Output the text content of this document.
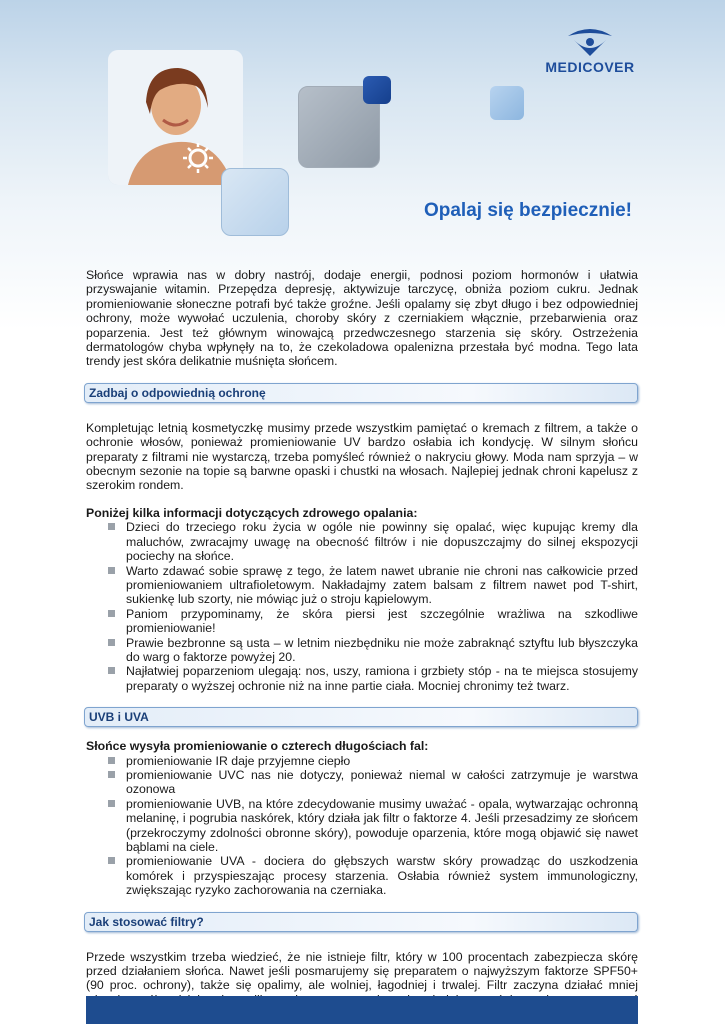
MEDICOVER
Opalaj się bezpiecznie!

Słońce wprawia nas w dobry nastrój, dodaje energii, podnosi poziom hormonów i ułatwia przyswajanie witamin. Przepędza depresję, aktywizuje tarczycę, obniża poziom cukru. Jednak promieniowanie słoneczne potrafi być także groźne. Jeśli opalamy się zbyt długo i bez odpowiedniej ochrony, może wywołać uczulenia, choroby skóry z czerniakiem włącznie, przebarwienia oraz poparzenia. Jest też głównym winowajcą przedwczesnego starzenia się skóry. Ostrzeżenia dermatologów chyba wpłynęły na to, że czekoladowa opalenizna przestała być modna. Tego lata trendy jest skóra delikatnie muśnięta słońcem.

Zadbaj o odpowiednią ochronę

Kompletując letnią kosmetyczkę musimy przede wszystkim pamiętać o kremach z filtrem, a także o ochronie włosów, ponieważ promieniowanie UV bardzo osłabia ich kondycję. W silnym słońcu preparaty z filtrami nie wystarczą, trzeba pomyśleć również o nakryciu głowy. Moda nam sprzyja – w obecnym sezonie na topie są barwne opaski i chustki na włosach. Najlepiej jednak chroni kapelusz z szerokim rondem.

Poniżej kilka informacji dotyczących zdrowego opalania:
Dzieci do trzeciego roku życia w ogóle nie powinny się opalać, więc kupując kremy dla maluchów, zwracajmy uwagę na obecność filtrów i nie dopuszczajmy do silnej ekspozycji pociechy na słońce.
Warto zdawać sobie sprawę z tego, że latem nawet ubranie nie chroni nas całkowicie przed promieniowaniem ultrafioletowym. Nakładajmy zatem balsam z filtrem nawet pod T-shirt, sukienkę lub szorty, nie mówiąc już o stroju kąpielowym.
Paniom przypominamy, że skóra piersi jest szczególnie wrażliwa na szkodliwe promieniowanie!
Prawie bezbronne są usta – w letnim niezbędniku nie może zabraknąć sztyftu lub błyszczyka do warg o faktorze powyżej 20.
Najłatwiej poparzeniom ulegają: nos, uszy, ramiona i grzbiety stóp - na te miejsca stosujemy preparaty o wyższej ochronie niż na inne partie ciała. Mocniej chronimy też twarz.
UVB i UVA
Słońce wysyła promieniowanie o czterech długościach fal:
promieniowanie IR daje przyjemne ciepło
promieniowanie UVC nas nie dotyczy, ponieważ niemal w całości zatrzymuje je warstwa ozonowa
promieniowanie UVB, na które zdecydowanie musimy uważać - opala, wytwarzając ochronną melaninę, i pogrubia naskórek, który działa jak filtr o faktorze 4. Jeśli przesadzimy ze słońcem (przekroczymy zdolności obronne skóry), powoduje oparzenia, które mogą objawić się nawet bąblami na ciele.
promieniowanie UVA - dociera do głębszych warstw skóry prowadząc do uszkodzenia komórek i przyspieszając procesy starzenia. Osłabia również system immunologiczny, zwiększając ryzyko zachorowania na czerniaka.
Jak stosować filtry?

Przede wszystkim trzeba wiedzieć, że nie istnieje filtr, który w 100 procentach zabezpiecza skórę przed działaniem słońca. Nawet jeśli posmarujemy się preparatem o najwyższym faktorze SPF50+ (90 proc. ochrony), także się opalimy, ale wolniej, łagodniej i trwalej. Filtr zaczyna działać mniej
